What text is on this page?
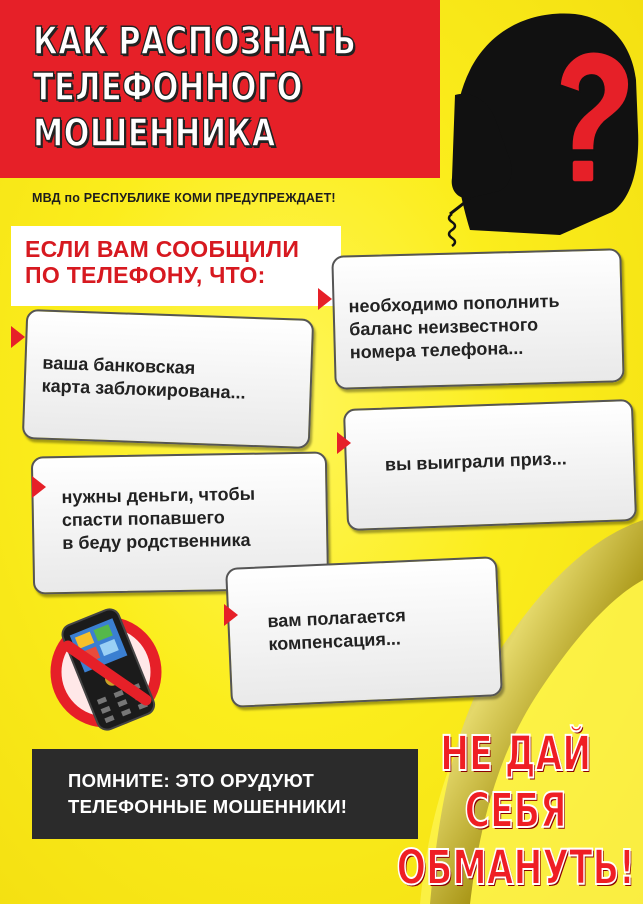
КАК РАСПОЗНАТЬ
ТЕЛЕФОННОГО
МОШЕННИКА
МВД по РЕСПУБЛИКЕ КОМИ ПРЕДУПРЕЖДАЕТ!
ЕСЛИ ВАМ СООБЩИЛИ
ПО ТЕЛЕФОНУ, ЧТО:
необходимо пополнить
баланс неизвестного
номера телефона...
ваша банковская
карта заблокирована...
вы выиграли приз...
нужны деньги, чтобы
спасти попавшего
в беду родственника
вам полагается
компенсация...
ПОМНИТЕ: ЭТО ОРУДУЮТ
ТЕЛЕФОННЫЕ МОШЕННИКИ!
НЕ ДАЙ
СЕБЯ
ОБМАНУТЬ!
